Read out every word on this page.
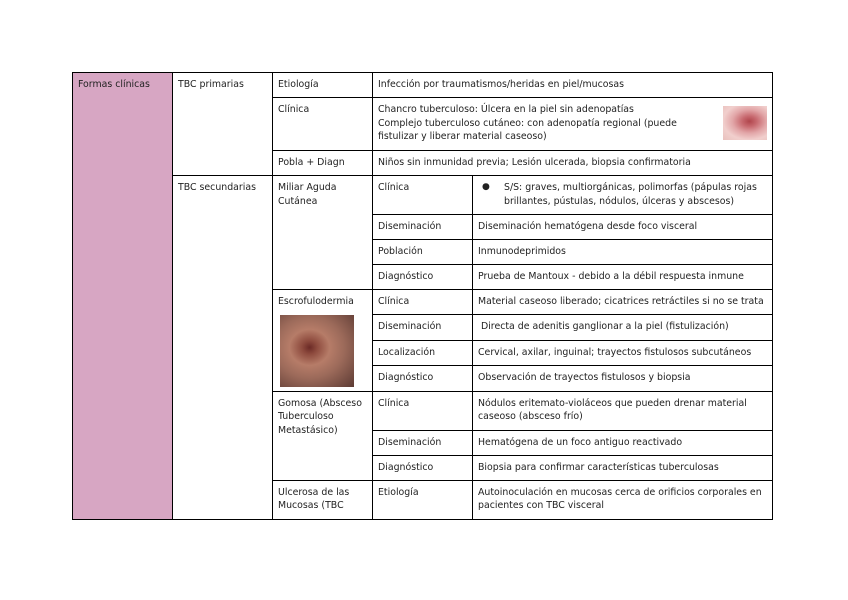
Formas clínicas	TBC primarias	Etiología	Infección por traumatismos/heridas en piel/mucosas	
		Clínica	Chancro tuberculoso: Úlcera en la piel sin adenopatías
Complejo tuberculoso cutáneo: con adenopatía regional (puede fistulizar y liberar material caseoso)	

		Pobla + Diagn	Niños sin inmunidad previa; Lesión ulcerada, biopsia confirmatoria	
	TBC secundarias	Miliar Aguda Cutánea	Clínica	● S/S: graves, multiorgánicas, polimorfas (pápulas rojas brillantes, pústulas, nódulos, úlceras y abscesos)

			Diseminación	Diseminación hematógena desde foco visceral
			Población	Inmunodeprimidos
			Diagnóstico	Prueba de Mantoux - debido a la débil respuesta inmune

		Escrofulodermia	Clínica	Material caseoso liberado; cicatrices retráctiles si no se trata
			Diseminación	Directa de adenitis ganglionar a la piel (fistulización)
			Localización	Cervical, axilar, inguinal; trayectos fistulosos subcutáneos
			Diagnóstico	Observación de trayectos fistulosos y biopsia
		Gomosa (Absceso Tuberculoso Metastásico)	Clínica	Nódulos eritemato-violáceos que pueden drenar material caseoso (absceso frío)
			Diseminación	Hematógena de un foco antiguo reactivado
			Diagnóstico	Biopsia para confirmar características tuberculosas
		Ulcerosa de las Mucosas (TBC	Etiología	Autoinoculación en mucosas cerca de orificios corporales en pacientes con TBC visceral
